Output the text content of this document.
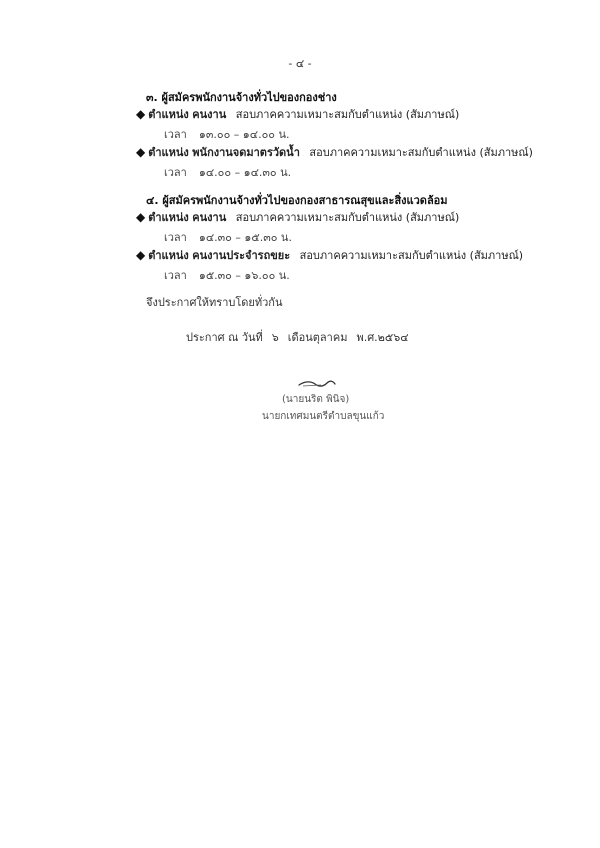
- ๔ -
๓. ผู้สมัครพนักงานจ้างทั่วไปของกองช่าง
◆ ตำแหน่ง คนงาน สอบภาคความเหมาะสมกับตำแหน่ง (สัมภาษณ์)
เวลา ๑๓.๐๐ – ๑๔.๐๐ น.
◆ ตำแหน่ง พนักงานจดมาตรวัดน้ำ สอบภาคความเหมาะสมกับตำแหน่ง (สัมภาษณ์)
เวลา ๑๔.๐๐ – ๑๔.๓๐ น.
๔. ผู้สมัครพนักงานจ้างทั่วไปของกองสาธารณสุขและสิ่งแวดล้อม
◆ ตำแหน่ง คนงาน สอบภาคความเหมาะสมกับตำแหน่ง (สัมภาษณ์)
เวลา ๑๔.๓๐ – ๑๕.๓๐ น.
◆ ตำแหน่ง คนงานประจำรถขยะ สอบภาคความเหมาะสมกับตำแหน่ง (สัมภาษณ์)
เวลา ๑๕.๓๐ – ๑๖.๐๐ น.
จึงประกาศให้ทราบโดยทั่วกัน
ประกาศ ณ วันที่ ๖ เดือนตุลาคม พ.ศ.๒๕๖๔
(นายนริต พินิจ)
นายกเทศมนตรีตำบลขุนแก้ว
